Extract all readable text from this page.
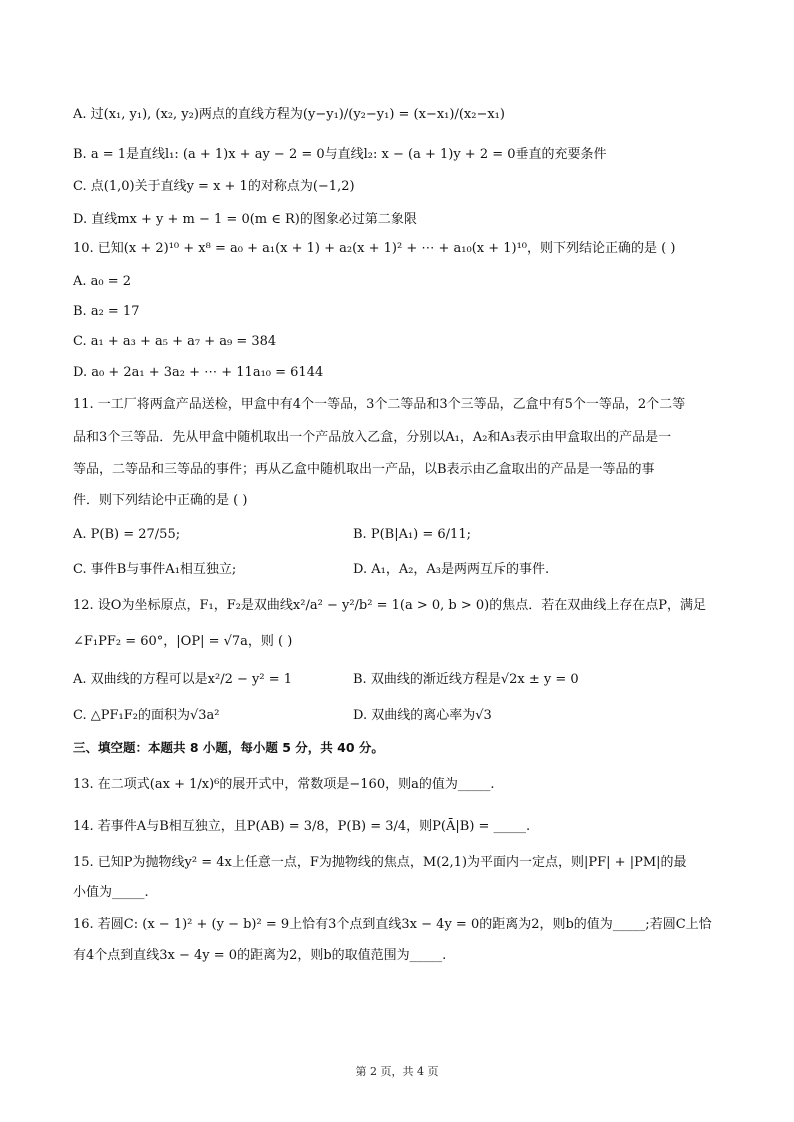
A. 过(x₁, y₁), (x₂, y₂)两点的直线方程为(y−y₁)/(y₂−y₁) = (x−x₁)/(x₂−x₁)
B. a = 1是直线l₁: (a + 1)x + ay − 2 = 0与直线l₂: x − (a + 1)y + 2 = 0垂直的充要条件
C. 点(1,0)关于直线y = x + 1的对称点为(−1,2)
D. 直线mx + y + m − 1 = 0(m ∈ R)的图象必过第二象限
10. 已知(x + 2)¹⁰ + x⁸ = a₀ + a₁(x + 1) + a₂(x + 1)² + ⋯ + a₁₀(x + 1)¹⁰，则下列结论正确的是 ( )
A. a₀ = 2
B. a₂ = 17
C. a₁ + a₃ + a₅ + a₇ + a₉ = 384
D. a₀ + 2a₁ + 3a₂ + ⋯ + 11a₁₀ = 6144
11. 一工厂将两盒产品送检，甲盒中有4个一等品，3个二等品和3个三等品，乙盒中有5个一等品，2个二等
品和3个三等品．先从甲盒中随机取出一个产品放入乙盒，分别以A₁，A₂和A₃表示由甲盒取出的产品是一
等品，二等品和三等品的事件；再从乙盒中随机取出一产品，以B表示由乙盒取出的产品是一等品的事
件．则下列结论中正确的是 ( )
A. P(B) = 27/55;	B. P(B|A₁) = 6/11;
C. 事件B与事件A₁相互独立;	D. A₁，A₂，A₃是两两互斥的事件.
12. 设O为坐标原点，F₁，F₂是双曲线x²/a² − y²/b² = 1(a > 0, b > 0)的焦点．若在双曲线上存在点P，满足
∠F₁PF₂ = 60°，|OP| = √7a，则 ( )
A. 双曲线的方程可以是x²/2 − y² = 1	B. 双曲线的渐近线方程是√2x ± y = 0
C. △PF₁F₂的面积为√3a²	D. 双曲线的离心率为√3
三、填空题：本题共 8 小题，每小题 5 分，共 40 分。
13. 在二项式(ax + 1/x)⁶的展开式中，常数项是−160，则a的值为_____.
14. 若事件A与B相互独立，且P(AB) = 3/8，P(B) = 3/4，则P(Ā|B) = _____.
15. 已知P为抛物线y² = 4x上任意一点，F为抛物线的焦点，M(2,1)为平面内一定点，则|PF| + |PM|的最
小值为_____.
16. 若圆C: (x − 1)² + (y − b)² = 9上恰有3个点到直线3x − 4y = 0的距离为2，则b的值为_____;若圆C上恰
有4个点到直线3x − 4y = 0的距离为2，则b的取值范围为_____.
第 2 页，共 4 页
